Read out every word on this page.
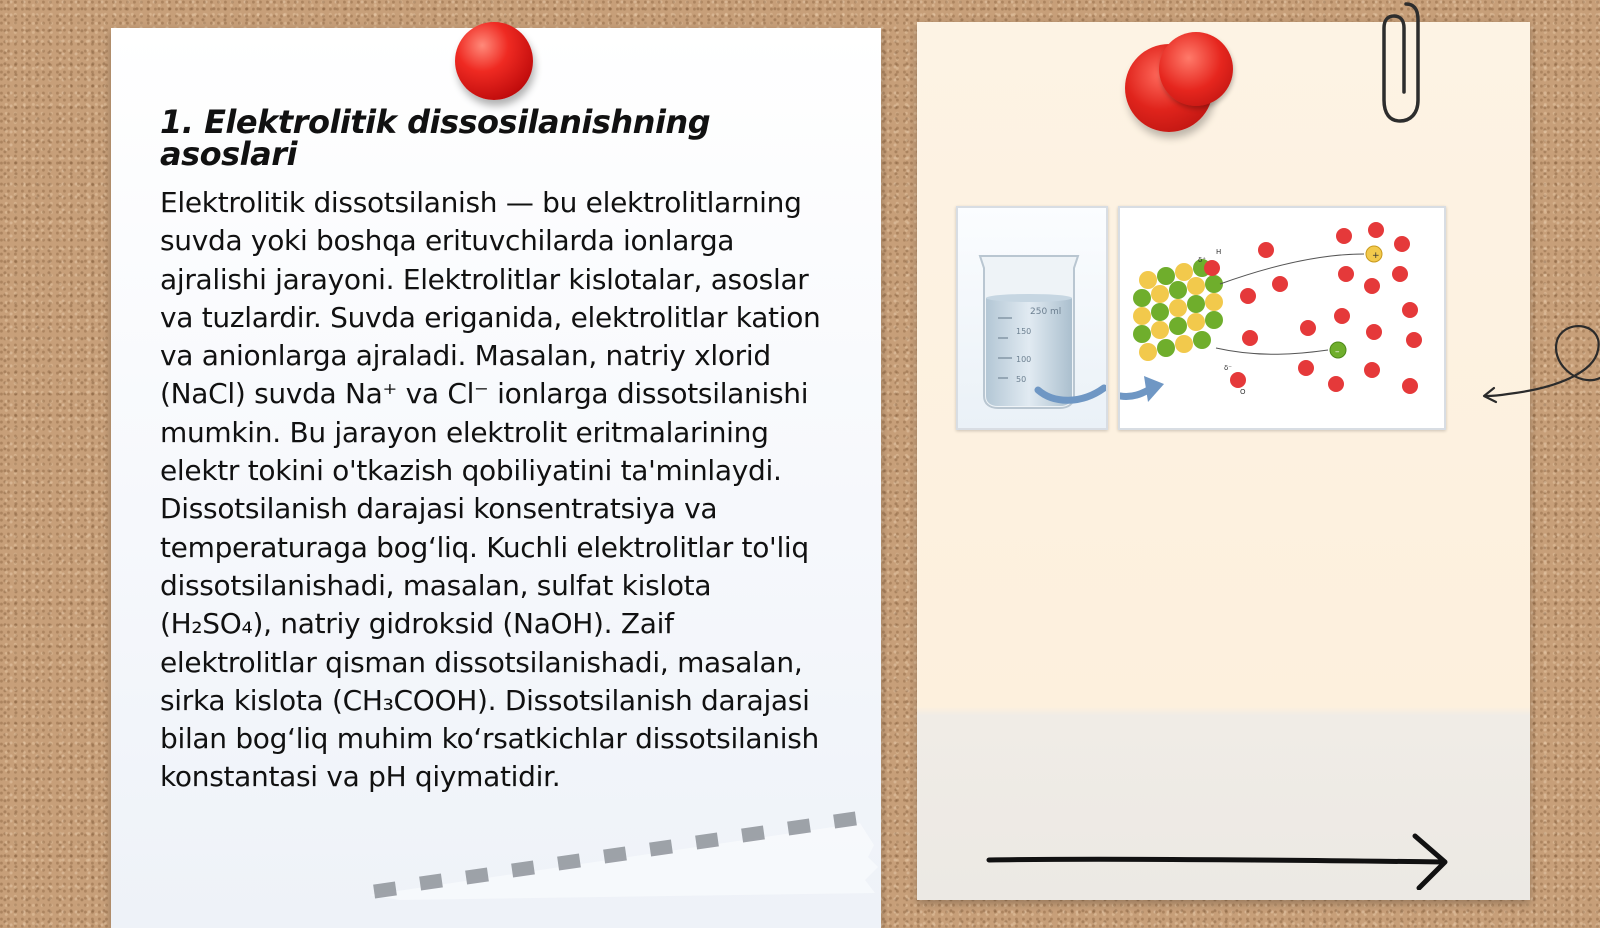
1. Elektrolitik dissosilanishning asoslari

Elektrolitik dissotsilanish — bu elektrolitlarning suvda yoki boshqa erituvchilarda ionlarga ajralishi jarayoni. Elektrolitlar kislotalar, asoslar va tuzlardir. Suvda eriganida, elektrolitlar kation va anionlarga ajraladi. Masalan, natriy xlorid (NaCl) suvda Na⁺ va Cl⁻ ionlarga dissotsilanishi mumkin. Bu jarayon elektrolit eritmalarining elektr tokini o'tkazish qobiliyatini ta'minlaydi. Dissotsilanish darajasi konsentratsiya va temperaturaga bog‘liq. Kuchli elektrolitlar to'liq dissotsilanishadi, masalan, sulfat kislota (H₂SO₄), natriy gidroksid (NaOH). Zaif elektrolitlar qisman dissotsilanishadi, masalan, sirka kislota (CH₃COOH). Dissotsilanish darajasi bilan bog‘liq muhim ko‘rsatkichlar dissotsilanish konstantasi va pH qiymatidir.

250 ml
150
100
50
+
–
δ⁺
δ⁻
H
O
